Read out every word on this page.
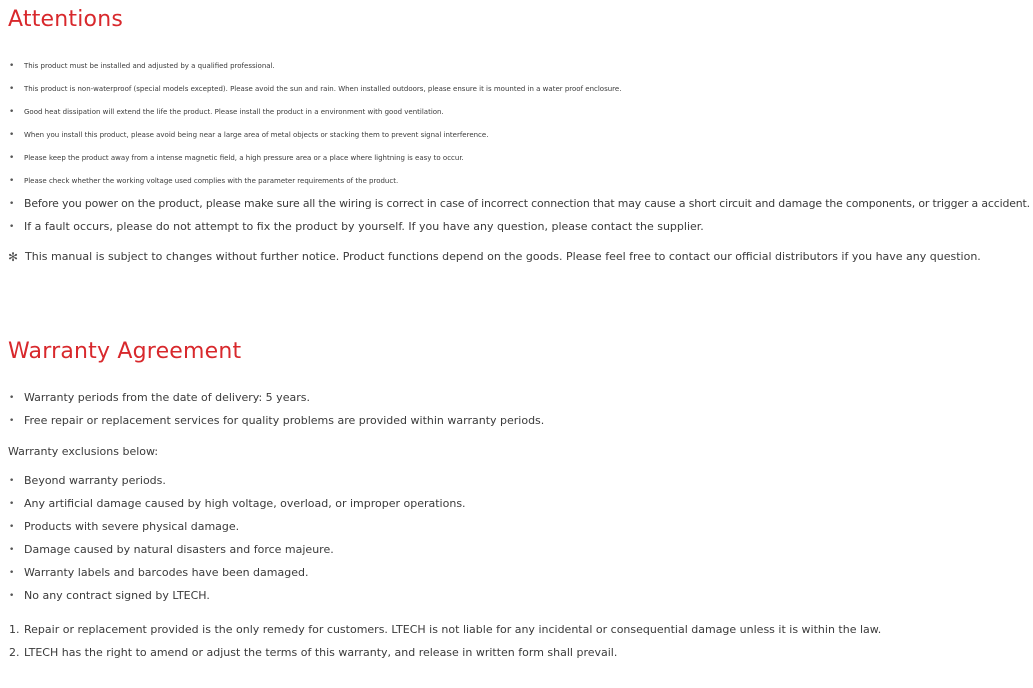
Attentions
•	This product must be installed and adjusted by a qualified professional.
•	This product is non-waterproof (special models excepted). Please avoid the sun and rain. When installed outdoors, please ensure it is mounted in a water proof enclosure.
•	Good heat dissipation will extend the life the product. Please install the product in a environment with good ventilation.
•	When you install this product, please avoid being near a large area of metal objects or stacking them to prevent signal interference.
•	Please keep the product away from a intense magnetic field, a high pressure area or a place where lightning is easy to occur.
•	Please check whether the working voltage used complies with the parameter requirements of the product.
• Before you power on the product, please make sure all the wiring is correct in case of incorrect connection that may cause a short circuit and damage the components, or trigger a accident.
• If a fault occurs, please do not attempt to fix the product by yourself. If you have any question, please contact the supplier.
✻ This manual is subject to changes without further notice. Product functions depend on the goods. Please feel free to contact our official distributors if you have any question.
Warranty Agreement
• Warranty periods from the date of delivery: 5 years.
• Free repair or replacement services for quality problems are provided within warranty periods.
Warranty exclusions below:
• Beyond warranty periods.
• Any artificial damage caused by high voltage, overload, or improper operations.
• Products with severe physical damage.
• Damage caused by natural disasters and force majeure.
• Warranty labels and barcodes have been damaged.
• No any contract signed by LTECH.
1. Repair or replacement provided is the only remedy for customers. LTECH is not liable for any incidental or consequential damage unless it is within the law.
2. LTECH has the right to amend or adjust the terms of this warranty, and release in written form shall prevail.
